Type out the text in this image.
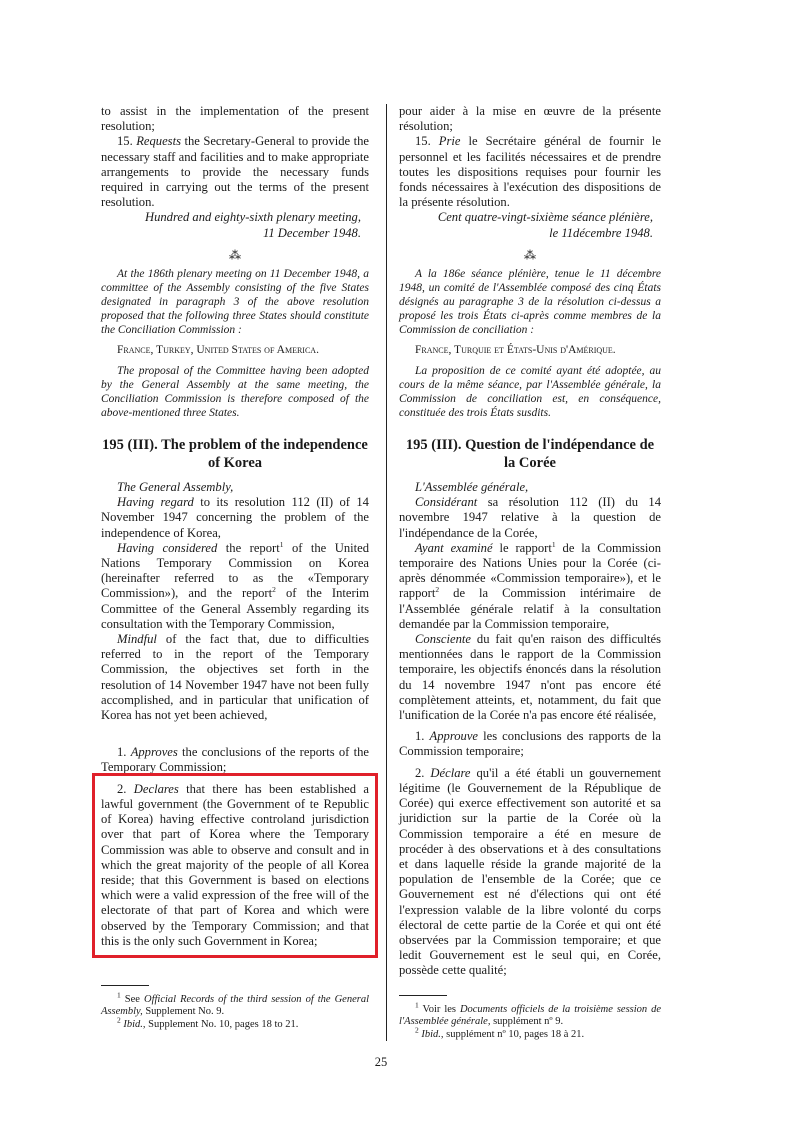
to assist in the implementation of the present resolution;

15. Requests the Secretary-General to provide the necessary staff and facilities and to make appropriate arrangements to provide the necessary funds required in carrying out the terms of the present resolution.

Hundred and eighty-sixth plenary meeting,
11 December 1948.

⁂

At the 186th plenary meeting on 11 December 1948, a committee of the Assembly consisting of the five States designated in paragraph 3 of the above resolution proposed that the following three States should constitute the Conciliation Commission :

France, Turkey, United States of America.

The proposal of the Committee having been adopted by the General Assembly at the same meeting, the Conciliation Commission is therefore composed of the above-mentioned three States.

195 (III). The problem of the independence of Korea

The General Assembly,

Having regard to its resolution 112 (II) of 14 November 1947 concerning the problem of the independence of Korea,

Having considered the report$^1$ of the United Nations Temporary Commission on Korea (hereinafter referred to as the «Temporary Commission»), and the report$^2$ of the Interim Committee of the General Assembly regarding its consultation with the Temporary Commission,

Mindful of the fact that, due to difficulties referred to in the report of the Temporary Commission, the objectives set forth in the resolution of 14 November 1947 have not been fully accomplished, and in particular that unification of Korea has not yet been achieved,

1. Approves the conclusions of the reports of the Temporary Commission;

2. Declares that there has been established a lawful government (the Government of te Republic of Korea) having effective controland jurisdiction over that part of Korea where the Temporary Commission was able to observe and consult and in which the great majority of the people of all Korea reside; that this Government is based on elections which were a valid expression of the free will of the electorate of that part of Korea and which were observed by the Temporary Commission; and that this is the only such Government in Korea;

$^1$ See Official Records of the third session of the General Assembly, Supplement No. 9.

$^2$ Ibid., Supplement No. 10, pages 18 to 21.

pour aider à la mise en œuvre de la présente résolution;

15. Prie le Secrétaire général de fournir le personnel et les facilités nécessaires et de prendre toutes les dispositions requises pour fournir les fonds nécessaires à l'exécution des dispositions de la présente résolution.

Cent quatre-vingt-sixième séance plénière,
le 11décembre 1948.

⁂

A la 186e séance plénière, tenue le 11 décembre 1948, un comité de l'Assemblée composé des cinq États désignés au paragraphe 3 de la résolution ci-dessus a proposé les trois États ci-après comme membres de la Commission de conciliation :

France, Turquie et États-Unis d'Amérique.

La proposition de ce comité ayant été adoptée, au cours de la même séance, par l'Assemblée générale, la Commission de conciliation est, en conséquence, constituée des trois États susdits.

195 (III). Question de l'indépendance de la Corée

L'Assemblée générale,

Considérant sa résolution 112 (II) du 14 novembre 1947 relative à la question de l'indépendance de la Corée,

Ayant examiné le rapport$^1$ de la Commission temporaire des Nations Unies pour la Corée (ci-après dénommée «Commission temporaire»), et le rapport$^2$ de la Commission intérimaire de l'Assemblée générale relatif à la consultation demandée par la Commission temporaire,

Consciente du fait qu'en raison des difficultés mentionnées dans le rapport de la Commission temporaire, les objectifs énoncés dans la résolution du 14 novembre 1947 n'ont pas encore été complètement atteints, et, notamment, du fait que l'unification de la Corée n'a pas encore été réalisée,

1. Approuve les conclusions des rapports de la Commission temporaire;

2. Déclare qu'il a été établi un gouvernement légitime (le Gouvernement de la République de Corée) qui exerce effectivement son autorité et sa juridiction sur la partie de la Corée où la Commission temporaire a été en mesure de procéder à des observations et à des consultations et dans laquelle réside la grande majorité de la population de l'ensemble de la Corée; que ce Gouvernement est né d'élections qui ont été l'expression valable de la libre volonté du corps électoral de cette partie de la Corée et qui ont été observées par la Commission temporaire; et que ledit Gouvernement est le seul qui, en Corée, possède cette qualité;

$^1$ Voir les Documents officiels de la troisième session de l'Assemblée générale, supplément nº 9.

$^2$ Ibid., supplément nº 10, pages 18 à 21.

25
